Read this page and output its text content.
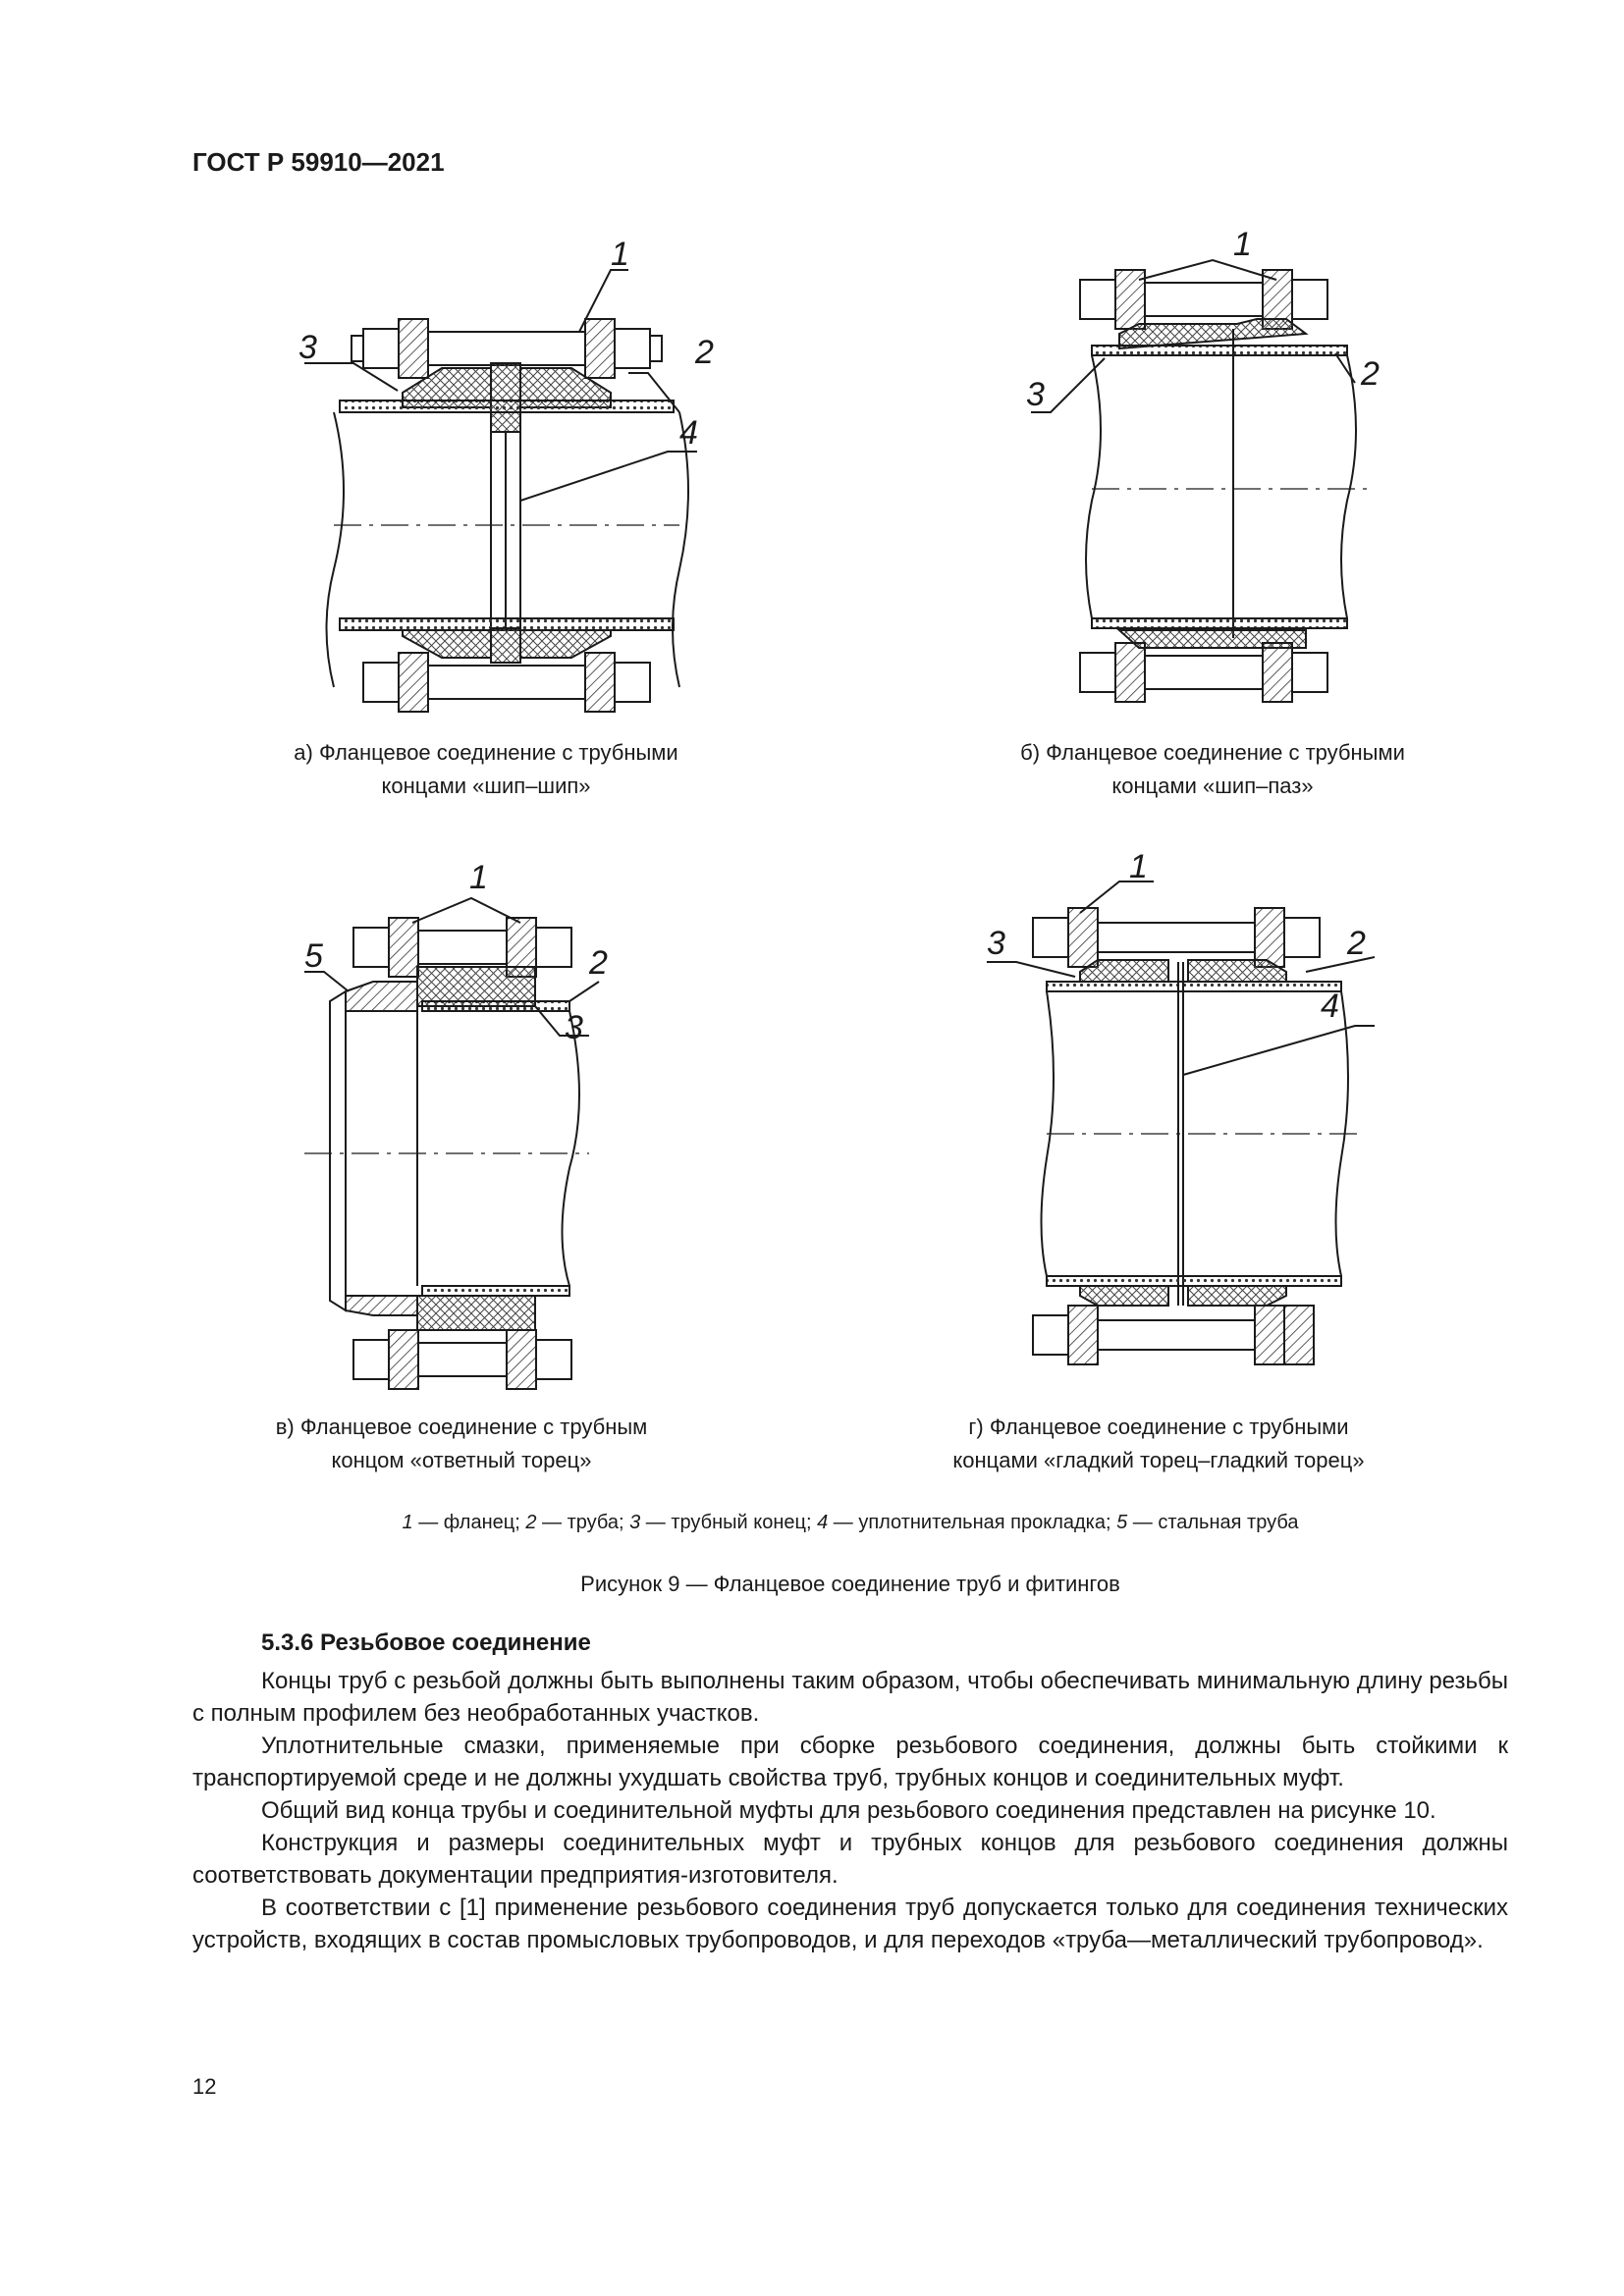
ГОСТ Р 59910—2021
1
3	2
4
а) Фланцевое соединение с трубными
концами «шип–шип»
1
3
2
б) Фланцевое соединение с трубными
концами «шип–паз»
1
5	2
3
в) Фланцевое соединение с трубным
концом «ответный торец»
1
3	2
4
г) Фланцевое соединение с трубными
концами «гладкий торец–гладкий торец»
1 — фланец; 2 — труба; 3 — трубный конец; 4 — уплотнительная прокладка; 5 — стальная труба
Рисунок 9 — Фланцевое соединение труб и фитингов
5.3.6 Резьбовое соединение

Концы труб с резьбой должны быть выполнены таким образом, чтобы обеспечивать минимальную длину резьбы с полным профилем без необработанных участков.

Уплотнительные смазки, применяемые при сборке резьбового соединения, должны быть стойкими к транспортируемой среде и не должны ухудшать свойства труб, трубных концов и соединительных муфт.

Общий вид конца трубы и соединительной муфты для резьбового соединения представлен на рисунке 10.

Конструкция и размеры соединительных муфт и трубных концов для резьбового соединения должны соответствовать документации предприятия-изготовителя.

В соответствии с [1] применение резьбового соединения труб допускается только для соединения технических устройств, входящих в состав промысловых трубопроводов, и для переходов «труба—металлический трубопровод».

12
